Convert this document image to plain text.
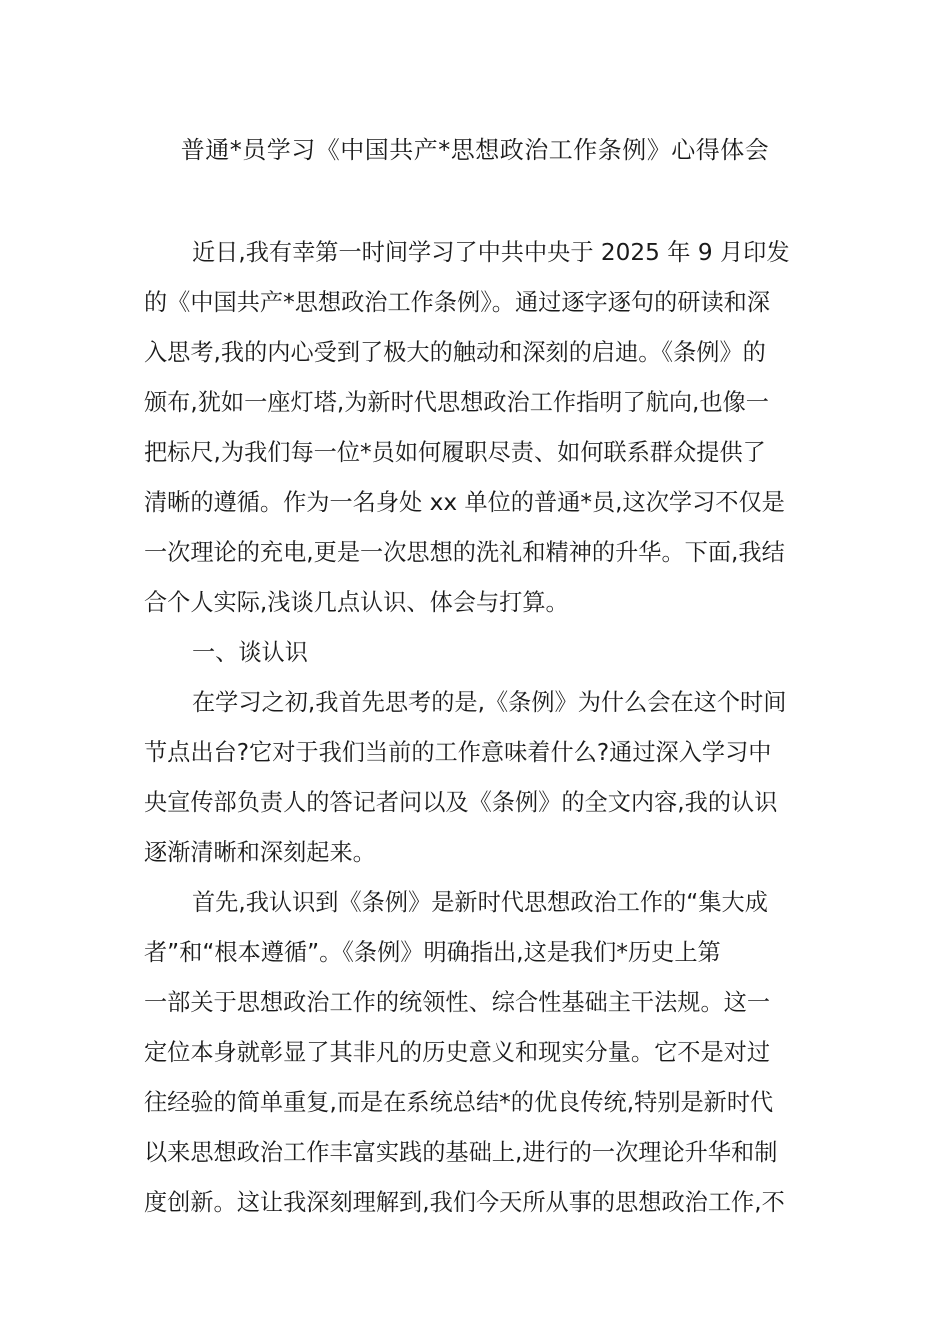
普通*员学习《中国共产*思想政治工作条例》心得体会
近日,我有幸第一时间学习了中共中央于 2025 年 9 月印发
的《中国共产*思想政治工作条例》。通过逐字逐句的研读和深
入思考,我的内心受到了极大的触动和深刻的启迪。《条例》的
颁布,犹如一座灯塔,为新时代思想政治工作指明了航向,也像一
把标尺,为我们每一位*员如何履职尽责、如何联系群众提供了
清晰的遵循。作为一名身处 xx 单位的普通*员,这次学习不仅是
一次理论的充电,更是一次思想的洗礼和精神的升华。下面,我结
合个人实际,浅谈几点认识、体会与打算。
一、谈认识
在学习之初,我首先思考的是,《条例》为什么会在这个时间
节点出台?它对于我们当前的工作意味着什么?通过深入学习中
央宣传部负责人的答记者问以及《条例》的全文内容,我的认识
逐渐清晰和深刻起来。
首先,我认识到《条例》是新时代思想政治工作的“集大成
者”和“根本遵循”。《条例》明确指出,这是我们*历史上第
一部关于思想政治工作的统领性、综合性基础主干法规。这一
定位本身就彰显了其非凡的历史意义和现实分量。它不是对过
往经验的简单重复,而是在系统总结*的优良传统,特别是新时代
以来思想政治工作丰富实践的基础上,进行的一次理论升华和制
度创新。这让我深刻理解到,我们今天所从事的思想政治工作,不
